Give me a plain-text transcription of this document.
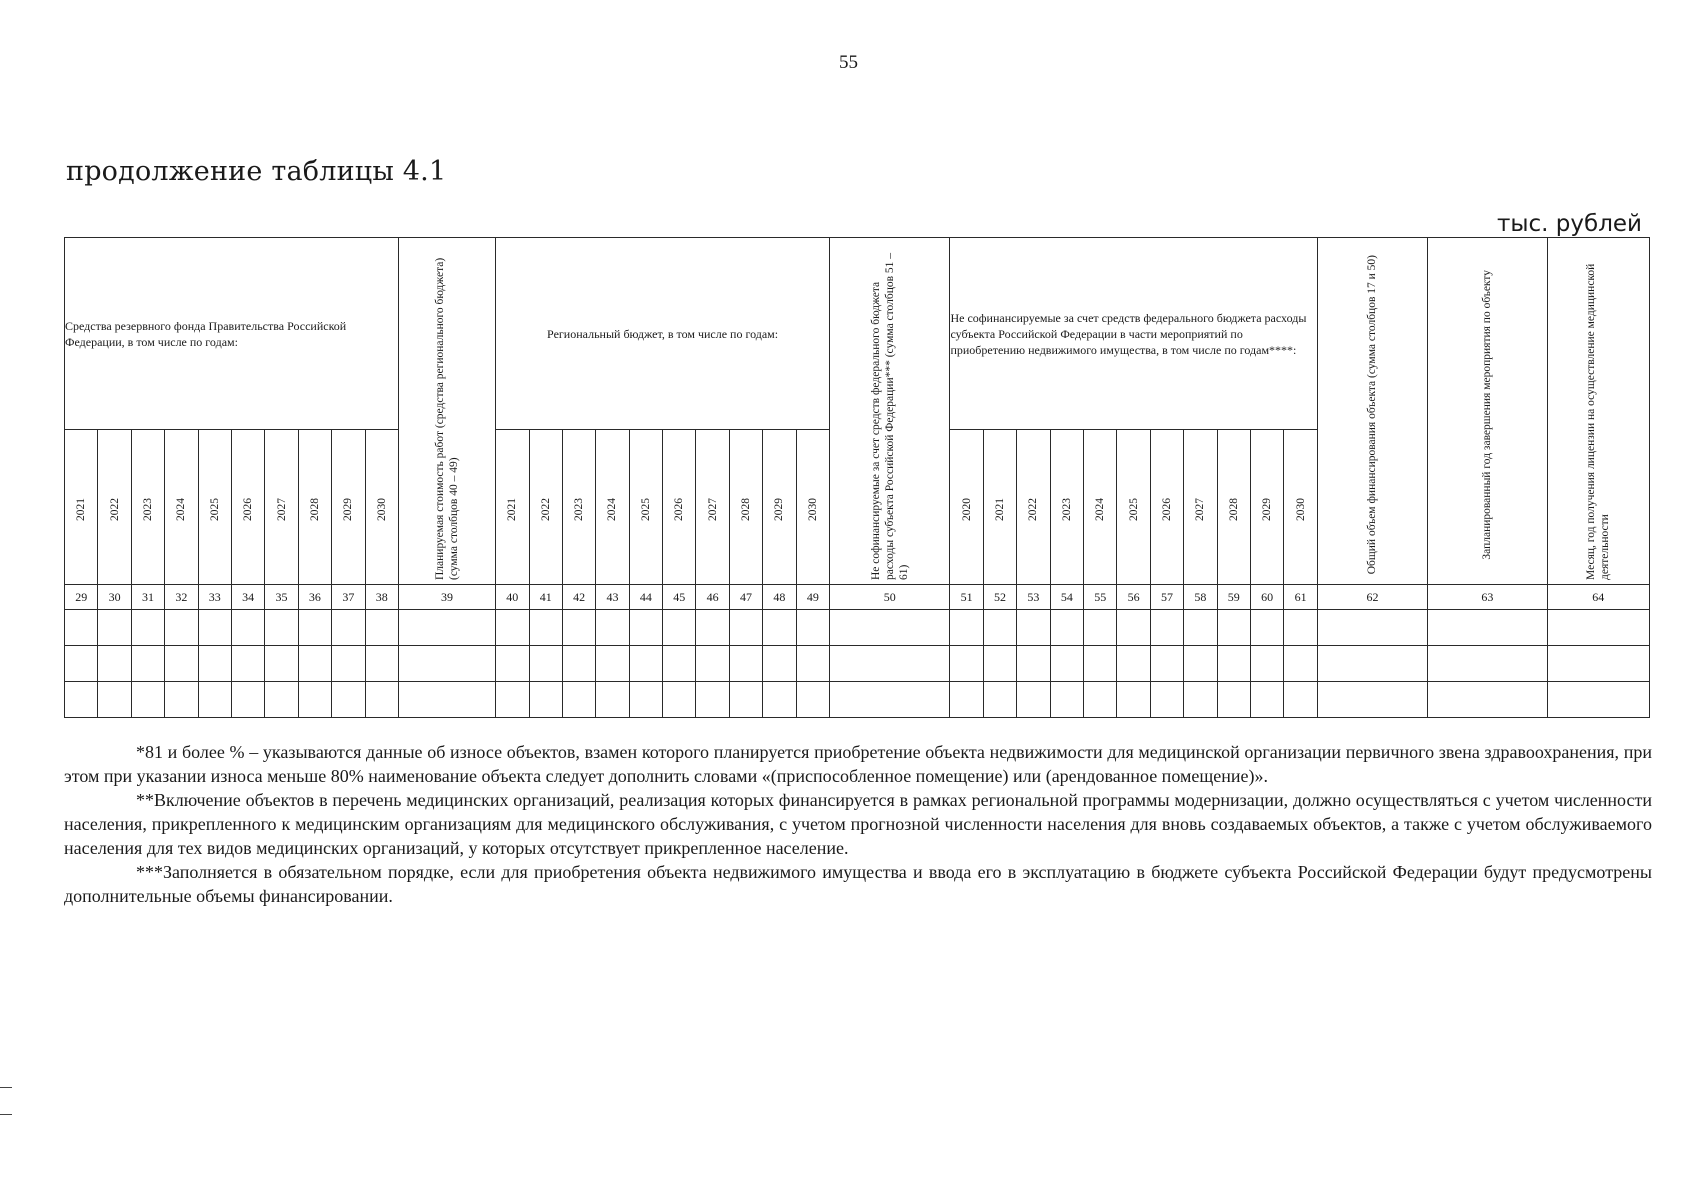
55
продолжение таблицы 4.1
тыс. рублей
Средства резервного фонда Правительства Российской Федерации, в том числе по годам:										Планируемая стоимость работ (средства регионального бюджета) (сумма столбцов 40 – 49)	Региональный бюджет, в том числе по годам:										Не софинансируемые за счет средств федерального бюджета расходы субъекта Российской Федерации*** (сумма столбцов 51 – 61)	Не софинансируемые за счет средств федерального бюджета расходы субъекта Российской Федерации в части мероприятий по приобретению недвижимого имущества, в том числе по годам****:											Общий объем финансирования объекта (сумма столбцов 17 и 50)	Запланированный год завершения мероприятия по объекту	Месяц, год получения лицензии на осуществление медицинской деятельности
2021	2022	2023	2024	2025	2026	2027	2028	2029	2030		2021	2022	2023	2024	2025	2026	2027	2028	2029	2030		2020	2021	2022	2023	2024	2025	2026	2027	2028	2029	2030			
29	30	31	32	33	34	35	36	37	38	39	40	41	42	43	44	45	46	47	48	49	50	51	52	53	54	55	56	57	58	59	60	61	62	63	64

*81 и более % – указываются данные об износе объектов, взамен которого планируется приобретение объекта недвижимости для медицинской организации первичного звена здравоохранения, при этом при указании износа меньше 80% наименование объекта следует дополнить словами «(приспособленное помещение) или (арендованное помещение)».

**Включение объектов в перечень медицинских организаций, реализация которых финансируется в рамках региональной программы модернизации, должно осуществляться с учетом численности населения, прикрепленного к медицинским организациям для медицинского обслуживания, с учетом прогнозной численности населения для вновь создаваемых объектов, а также с учетом обслуживаемого населения для тех видов медицинских организаций, у которых отсутствует прикрепленное население.

***Заполняется в обязательном порядке, если для приобретения объекта недвижимого имущества и ввода его в эксплуатацию в бюджете субъекта Российской Федерации будут предусмотрены дополнительные объемы финансировании.
